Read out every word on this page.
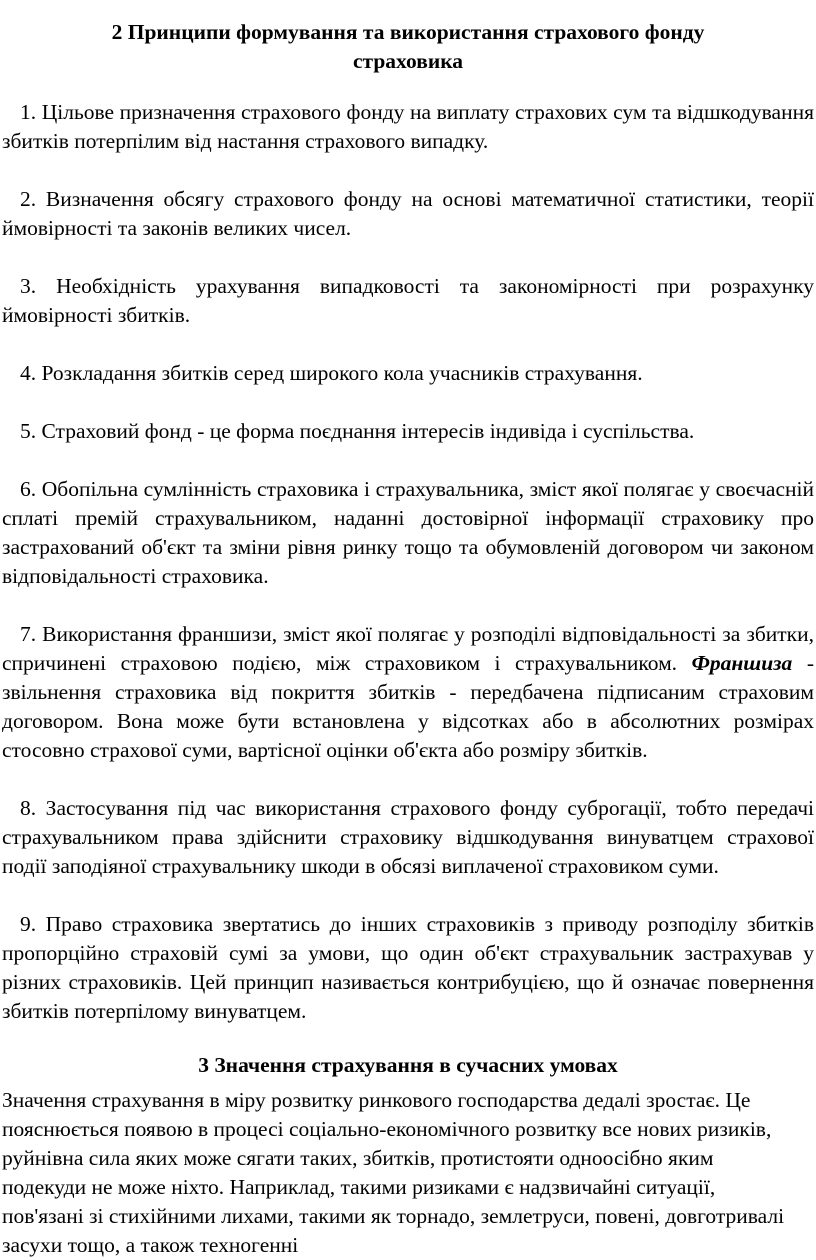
2 Принципи формування та використання страхового фонду
страховика

1. Цільове призначення страхового фонду на виплату страхових сум та відшкодування збитків потерпілим від настання страхового випадку.

2. Визначення обсягу страхового фонду на основі математичної статистики, теорії ймовірності та законів великих чисел.

3. Необхідність урахування випадковості та закономірності при розрахунку ймовірності збитків.

4. Розкладання збитків серед широкого кола учасників страхування.

5. Страховий фонд - це форма поєднання інтересів індивіда і суспільства.

6. Обопільна сумлінність страховика і страхувальника, зміст якої полягає у своєчасній сплаті премій страхувальником, наданні достовірної інформації страховику про застрахований об'єкт та зміни рівня ринку тощо та обумовленій договором чи законом відповідальності страховика.

7. Використання франшизи, зміст якої полягає у розподілі відповідальності за збитки, спричинені страховою подією, між страховиком і страхувальником. Франшиза - звільнення страховика від покриття збитків - передбачена підписаним страховим договором. Вона може бути встановлена у відсотках або в абсолютних розмірах стосовно страхової суми, вартісної оцінки об'єкта або розміру збитків.

8. Застосування під час використання страхового фонду суброгації, тобто передачі страхувальником права здійснити страховику відшкодування винуватцем страхової події заподіяної страхувальнику шкоди в обсязі виплаченої страховиком суми.

9. Право страховика звертатись до інших страховиків з приводу розподілу збитків пропорційно страховій сумі за умови, що один об'єкт страхувальник застрахував у різних страховиків. Цей принцип називається контрибуцією, що й означає повернення збитків потерпілому винуватцем.

3 Значення страхування в сучасних умовах

Значення страхування в міру розвитку ринкового господарства дедалі зростає. Це пояснюється появою в процесі соціально-економічного розвитку все нових ризиків, руйнівна сила яких може сягати таких, збитків, протистояти одноосібно яким подекуди не може ніхто. Наприклад, такими ризиками є надзвичайні ситуації, пов'язані зі стихійними лихами, такими як торнадо, землетруси, повені, довготривалі засухи тощо, а також техногенні
